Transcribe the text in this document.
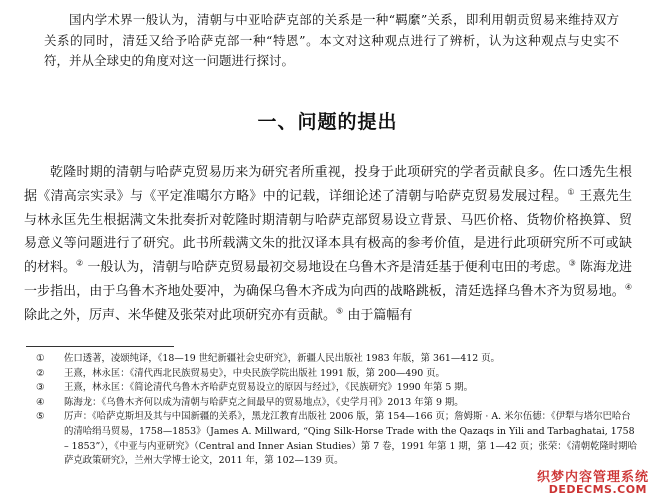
国内学术界一般认为，清朝与中亚哈萨克部的关系是一种“羁縻”关系，即利用朝贡贸易来维持双方关系的同时，清廷又给予哈萨克部一种“特恩”。本文对这种观点进行了辨析，认为这种观点与史实不符，并从全球史的角度对这一问题进行探讨。

一、问题的提出

乾隆时期的清朝与哈萨克贸易历来为研究者所重视，投身于此项研究的学者贡献良多。佐口透先生根据《清高宗实录》与《平定准噶尔方略》中的记载，详细论述了清朝与哈萨克贸易发展过程。① 王熹先生与林永匡先生根据满文朱批奏折对乾隆时期清朝与哈萨克部贸易设立背景、马匹价格、货物价格换算、贸易意义等问题进行了研究。此书所载满文朱的批汉译本具有极高的参考价值，是进行此项研究所不可或缺的材料。② 一般认为，清朝与哈萨克贸易最初交易地设在乌鲁木齐是清廷基于便利屯田的考虑。③ 陈海龙进一步指出，由于乌鲁木齐地处要冲，为确保乌鲁木齐成为向西的战略跳板，清廷选择乌鲁木齐为贸易地。④ 除此之外，厉声、米华健及张荣对此项研究亦有贡献。⑤ 由于篇幅有

①	佐口透著，凌颂纯译，《18—19 世纪新疆社会史研究》，新疆人民出版社 1983 年版，第 361—412 页。
②	王熹，林永匡：《清代西北民族贸易史》，中央民族学院出版社 1991 版，第 200—490 页。
③	王熹，林永匡：《简论清代乌鲁木齐哈萨克贸易设立的原因与经过》，《民族研究》1990 年第 5 期。
④	陈海龙：《乌鲁木齐何以成为清朝与哈萨克之间最早的贸易地点》，《史学月刊》2013 年第 9 期。
⑤	厉声：《哈萨克斯坦及其与中国新疆的关系》，黑龙江教育出版社 2006 版，第 154—166 页；詹姆斯 · A. 米尔伍德：《伊犁与塔尔巴哈台的清哈绢马贸易，1758—1853》（James A. Millward, “Qing Silk-Horse Trade with the Qazaqs in Yili and Tarbaghatai, 1758 – 1853”），《中亚与内亚研究》（Central and Inner Asian Studies）第 7 卷，1991 年第 1 期，第 1—42 页；张荣：《清朝乾隆时期哈萨克政策研究》，兰州大学博士论文，2011 年，第 102—139 页。
织梦内容管理系统
DEDECMS.COM
